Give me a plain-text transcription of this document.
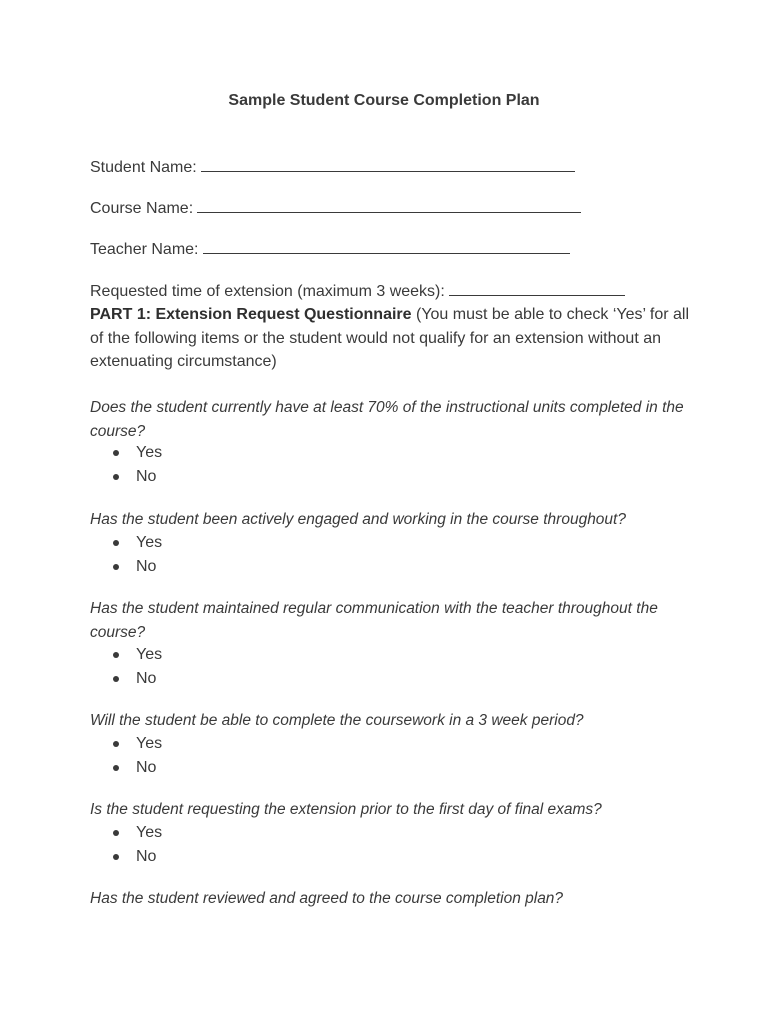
Sample Student Course Completion Plan
Student Name:
Course Name:
Teacher Name:
Requested time of extension (maximum 3 weeks):
PART 1: Extension Request Questionnaire (You must be able to check ‘Yes’ for all of the following items or the student would not qualify for an extension without an extenuating circumstance)
Does the student currently have at least 70% of the instructional units completed in the course?
Yes
No
Has the student been actively engaged and working in the course throughout?
Yes
No
Has the student maintained regular communication with the teacher throughout the course?
Yes
No
Will the student be able to complete the coursework in a 3 week period?
Yes
No
Is the student requesting the extension prior to the first day of final exams?
Yes
No
Has the student reviewed and agreed to the course completion plan?
